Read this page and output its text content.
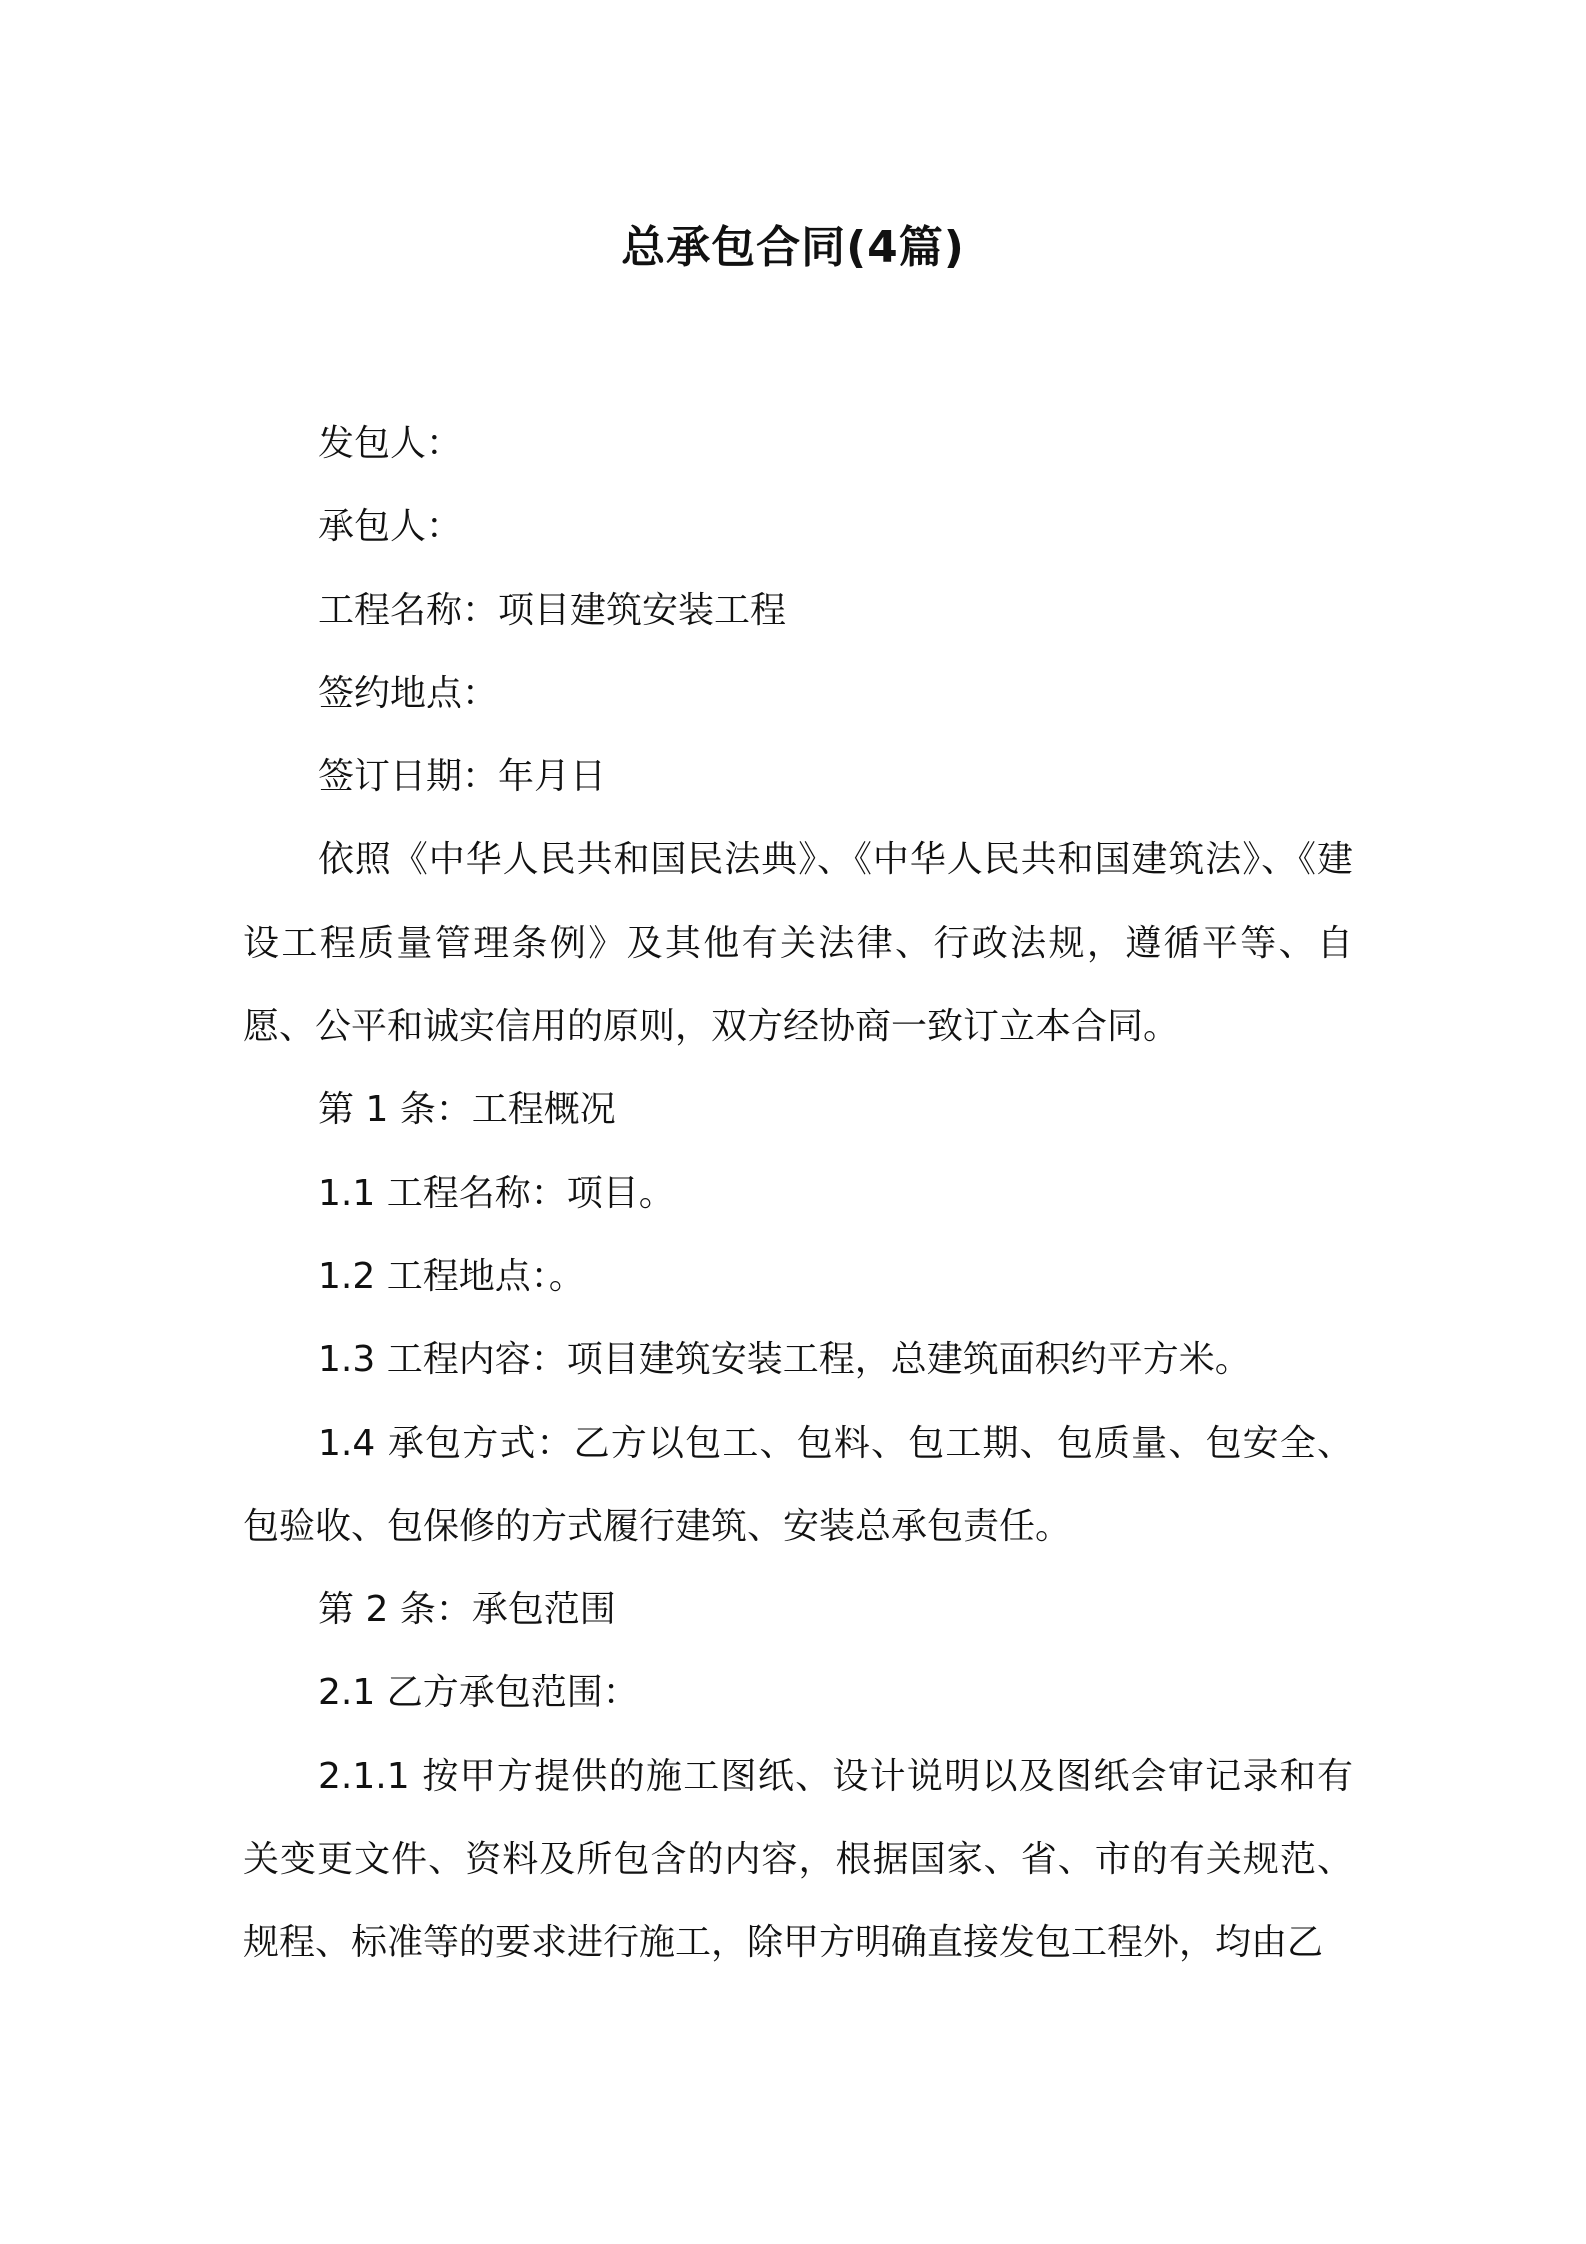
总承包合同(4篇)

发包人：

承包人：

工程名称：项目建筑安装工程

签约地点：

签订日期：年月日

依照《中华人民共和国民法典》、《中华人民共和国建筑法》、《建设工程质量管理条例》及其他有关法律、行政法规，遵循平等、自愿、公平和诚实信用的原则，双方经协商一致订立本合同。

第 1 条：工程概况

1.1 工程名称：项目。

1.2 工程地点：。

1.3 工程内容：项目建筑安装工程，总建筑面积约平方米。

1.4 承包方式：乙方以包工、包料、包工期、包质量、包安全、包验收、包保修的方式履行建筑、安装总承包责任。

第 2 条：承包范围

2.1 乙方承包范围：

2.1.1 按甲方提供的施工图纸、设计说明以及图纸会审记录和有关变更文件、资料及所包含的内容，根据国家、省、市的有关规范、规程、标准等的要求进行施工，除甲方明确直接发包工程外，均由乙
